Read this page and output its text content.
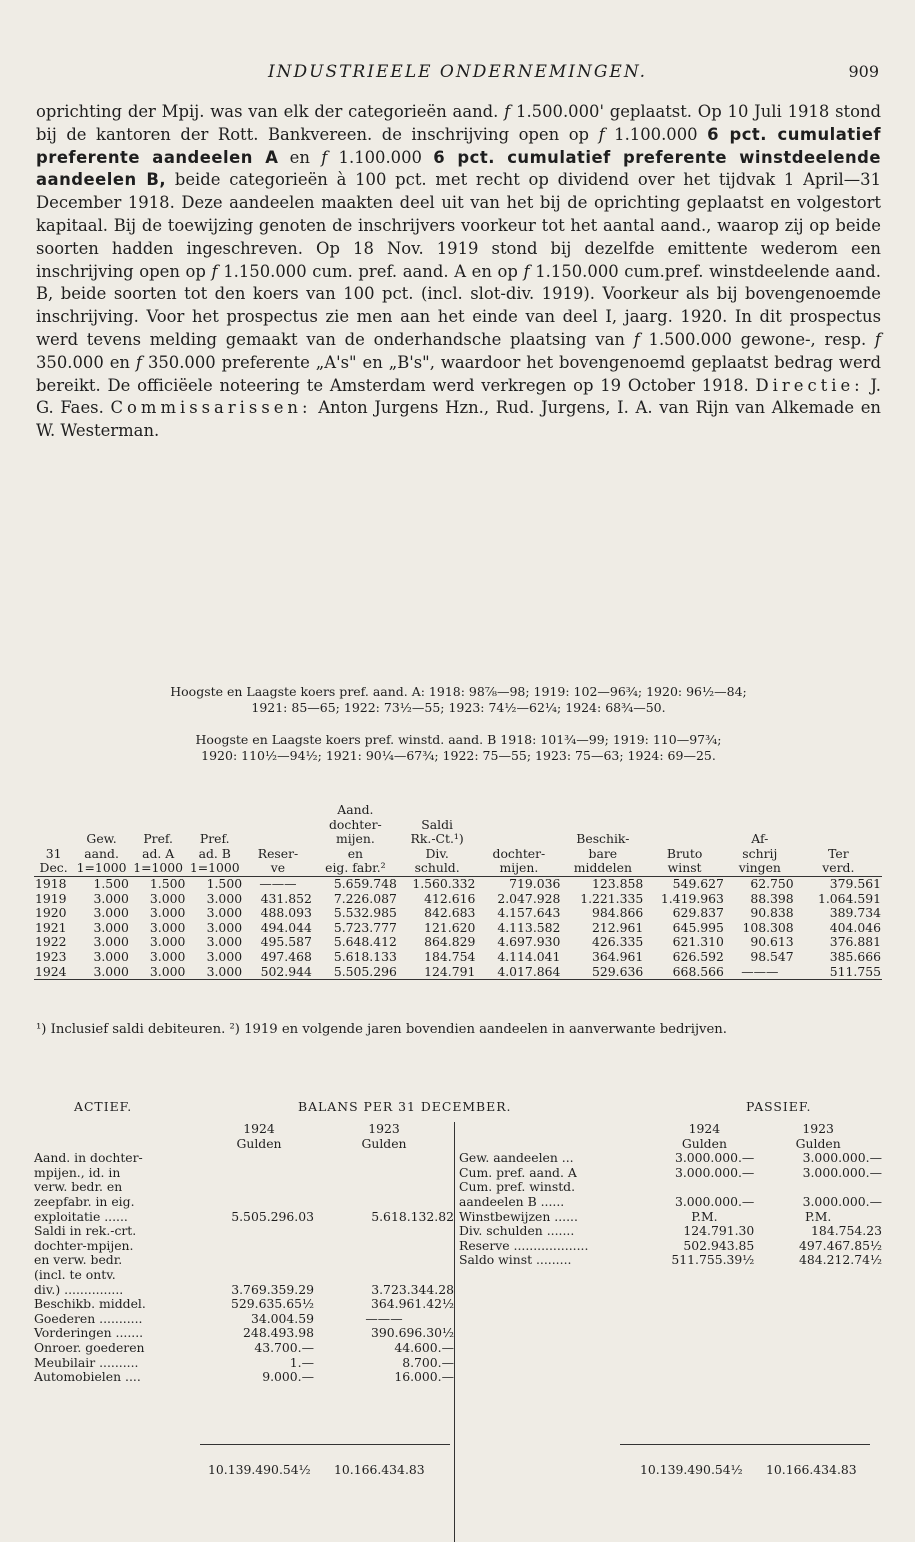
INDUSTRIEELE ONDERNEMINGEN.	909
oprichting der Mpij. was van elk der categorieën aand. f 1.500.000' geplaatst. Op 10 Juli 1918 stond bij de kantoren der Rott. Bankvereen. de inschrijving open op f 1.100.000 6 pct. cumulatief preferente aandeelen A en f 1.100.000 6 pct. cumulatief preferente winstdeelende aandeelen B, beide categorieën à 100 pct. met recht op dividend over het tijdvak 1 April—31 December 1918. Deze aandeelen maakten deel uit van het bij de oprichting geplaatst en volgestort kapitaal. Bij de toewijzing genoten de inschrijvers voorkeur tot het aantal aand., waarop zij op beide soorten hadden ingeschreven. Op 18 Nov. 1919 stond bij dezelfde emittente wederom een inschrijving open op f 1.150.000 cum. pref. aand. A en op f 1.150.000 cum.pref. winstdeelende aand. B, beide soorten tot den koers van 100 pct. (incl. slot-div. 1919). Voorkeur als bij bovengenoemde inschrijving. Voor het prospectus zie men aan het einde van deel I, jaarg. 1920. In dit prospectus werd tevens melding gemaakt van de onderhandsche plaatsing van f 1.500.000 gewone-, resp. f 350.000 en f 350.000 preferente „A's" en „B's", waardoor het bovengenoemd geplaatst bedrag werd bereikt. De officiëele noteering te Amsterdam werd verkregen op 19 October 1918. Directie: J. G. Faes. Commissarissen: Anton Jurgens Hzn., Rud. Jurgens, I. A. van Rijn van Alkemade en W. Westerman.
Hoogste en Laagste koers pref. aand. A: 1918: 98⅞—98; 1919: 102—96¾; 1920: 96½—84;
1921: 85—65; 1922: 73½—55; 1923: 74½—62¼; 1924: 68¾—50.
Hoogste en Laagste koers pref. winstd. aand. B 1918: 101¾—99; 1919: 110—97¾;
1920: 110½—94½; 1921: 90¼—67¾; 1922: 75—55; 1923: 75—63; 1924: 69—25.
					Aand.						
					dochter-	Saldi					
	Gew.	Pref.	Pref.		mijen.	Rk.-Ct.¹)		Beschik-		Af-	
31	aand.	ad. A	ad. B	Reser-	en	Div.	dochter-	bare	Bruto	schrij	Ter
Dec.	1=1000	1=1000	1=1000	ve	eig. fabr.²	schuld.	mijen.	middelen	winst	vingen	verd.
1918	1.500	1.500	1.500	———	5.659.748	1.560.332	719.036	123.858	549.627	62.750	379.561
1919	3.000	3.000	3.000	431.852	7.226.087	412.616	2.047.928	1.221.335	1.419.963	88.398	1.064.591
1920	3.000	3.000	3.000	488.093	5.532.985	842.683	4.157.643	984.866	629.837	90.838	389.734
1921	3.000	3.000	3.000	494.044	5.723.777	121.620	4.113.582	212.961	645.995	108.308	404.046
1922	3.000	3.000	3.000	495.587	5.648.412	864.829	4.697.930	426.335	621.310	90.613	376.881
1923	3.000	3.000	3.000	497.468	5.618.133	184.754	4.114.041	364.961	626.592	98.547	385.666
1924	3.000	3.000	3.000	502.944	5.505.296	124.791	4.017.864	529.636	668.566	———	511.755
¹) Inclusief saldi debiteuren. ²) 1919 en volgende jaren bovendien aandeelen in aanverwante bedrijven.
ACTIEF.	BALANS PER 31 DECEMBER.	PASSIEF.
	1924	1923
	Gulden	Gulden
Aand. in dochter-		
mpijen., id. in		
verw. bedr. en		
zeepfabr. in eig.		
exploitatie ......	5.505.296.03	5.618.132.82
Saldi in rek.-crt.		
dochter-mpijen.		
en verw. bedr.		
(incl. te ontv.		
div.) ...............	3.769.359.29	3.723.344.28
Beschikb. middel.	529.635.65½	364.961.42½
Goederen ...........	34.004.59	———
Vorderingen .......	248.493.98	390.696.30½
Onroer. goederen	43.700.—	44.600.—
Meubilair ..........	1.—	8.700.—
Automobielen ....	9.000.—	16.000.—
	1924	1923
	Gulden	Gulden
Gew. aandeelen ...	3.000.000.—	3.000.000.—
Cum. pref. aand. A	3.000.000.—	3.000.000.—
Cum. pref. winstd.		
aandeelen B ......	3.000.000.—	3.000.000.—
Winstbewijzen ......	P.M.	P.M.
Div. schulden .......	124.791.30	184.754.23
Reserve ...................	502.943.85	497.467.85½
Saldo winst .........	511.755.39½	484.212.74½
10.139.490.54½ 10.166.434.83	10.139.490.54½ 10.166.434.83
